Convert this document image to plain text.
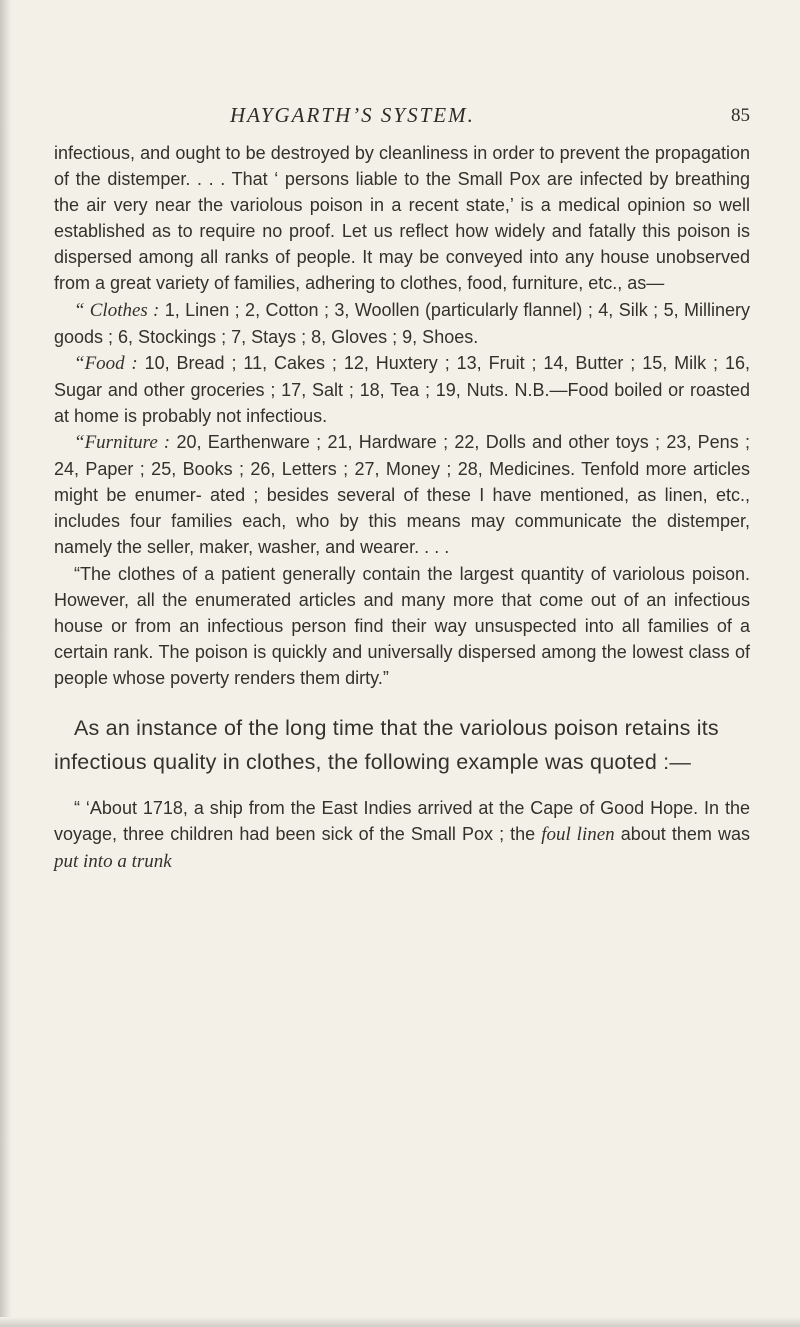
HAYGARTH’S SYSTEM.	85

infectious, and ought to be destroyed by cleanliness in order to prevent the propagation of the distemper. . . . That ‘ persons liable to the Small Pox are infected by breathing the air very near the variolous poison in a recent state,’ is a medical opinion so well established as to require no proof. Let us reflect how widely and fatally this poison is dispersed among all ranks of people. It may be conveyed into any house unobserved from a great variety of families, adhering to clothes, food, furniture, etc., as—

“ Clothes : 1, Linen ; 2, Cotton ; 3, Woollen (particularly flannel) ; 4, Silk ; 5, Millinery goods ; 6, Stockings ; 7, Stays ; 8, Gloves ; 9, Shoes.

“Food : 10, Bread ; 11, Cakes ; 12, Huxtery ; 13, Fruit ; 14, Butter ; 15, Milk ; 16, Sugar and other groceries ; 17, Salt ; 18, Tea ; 19, Nuts. N.B.—Food boiled or roasted at home is probably not infectious.

“Furniture : 20, Earthenware ; 21, Hardware ; 22, Dolls and other toys ; 23, Pens ; 24, Paper ; 25, Books ; 26, Letters ; 27, Money ; 28, Medicines. Tenfold more articles might be enumer- ated ; besides several of these I have mentioned, as linen, etc., includes four families each, who by this means may communicate the distemper, namely the seller, maker, washer, and wearer. . . .

“The clothes of a patient generally contain the largest quantity of variolous poison. However, all the enumerated articles and many more that come out of an infectious house or from an infectious person find their way unsuspected into all families of a certain rank. The poison is quickly and universally dispersed among the lowest class of people whose poverty renders them dirty.”

As an instance of the long time that the variolous poison retains its infectious quality in clothes, the following example was quoted :—

“ ‘About 1718, a ship from the East Indies arrived at the Cape of Good Hope. In the voyage, three children had been sick of the Small Pox ; the foul linen about them was put into a trunk
